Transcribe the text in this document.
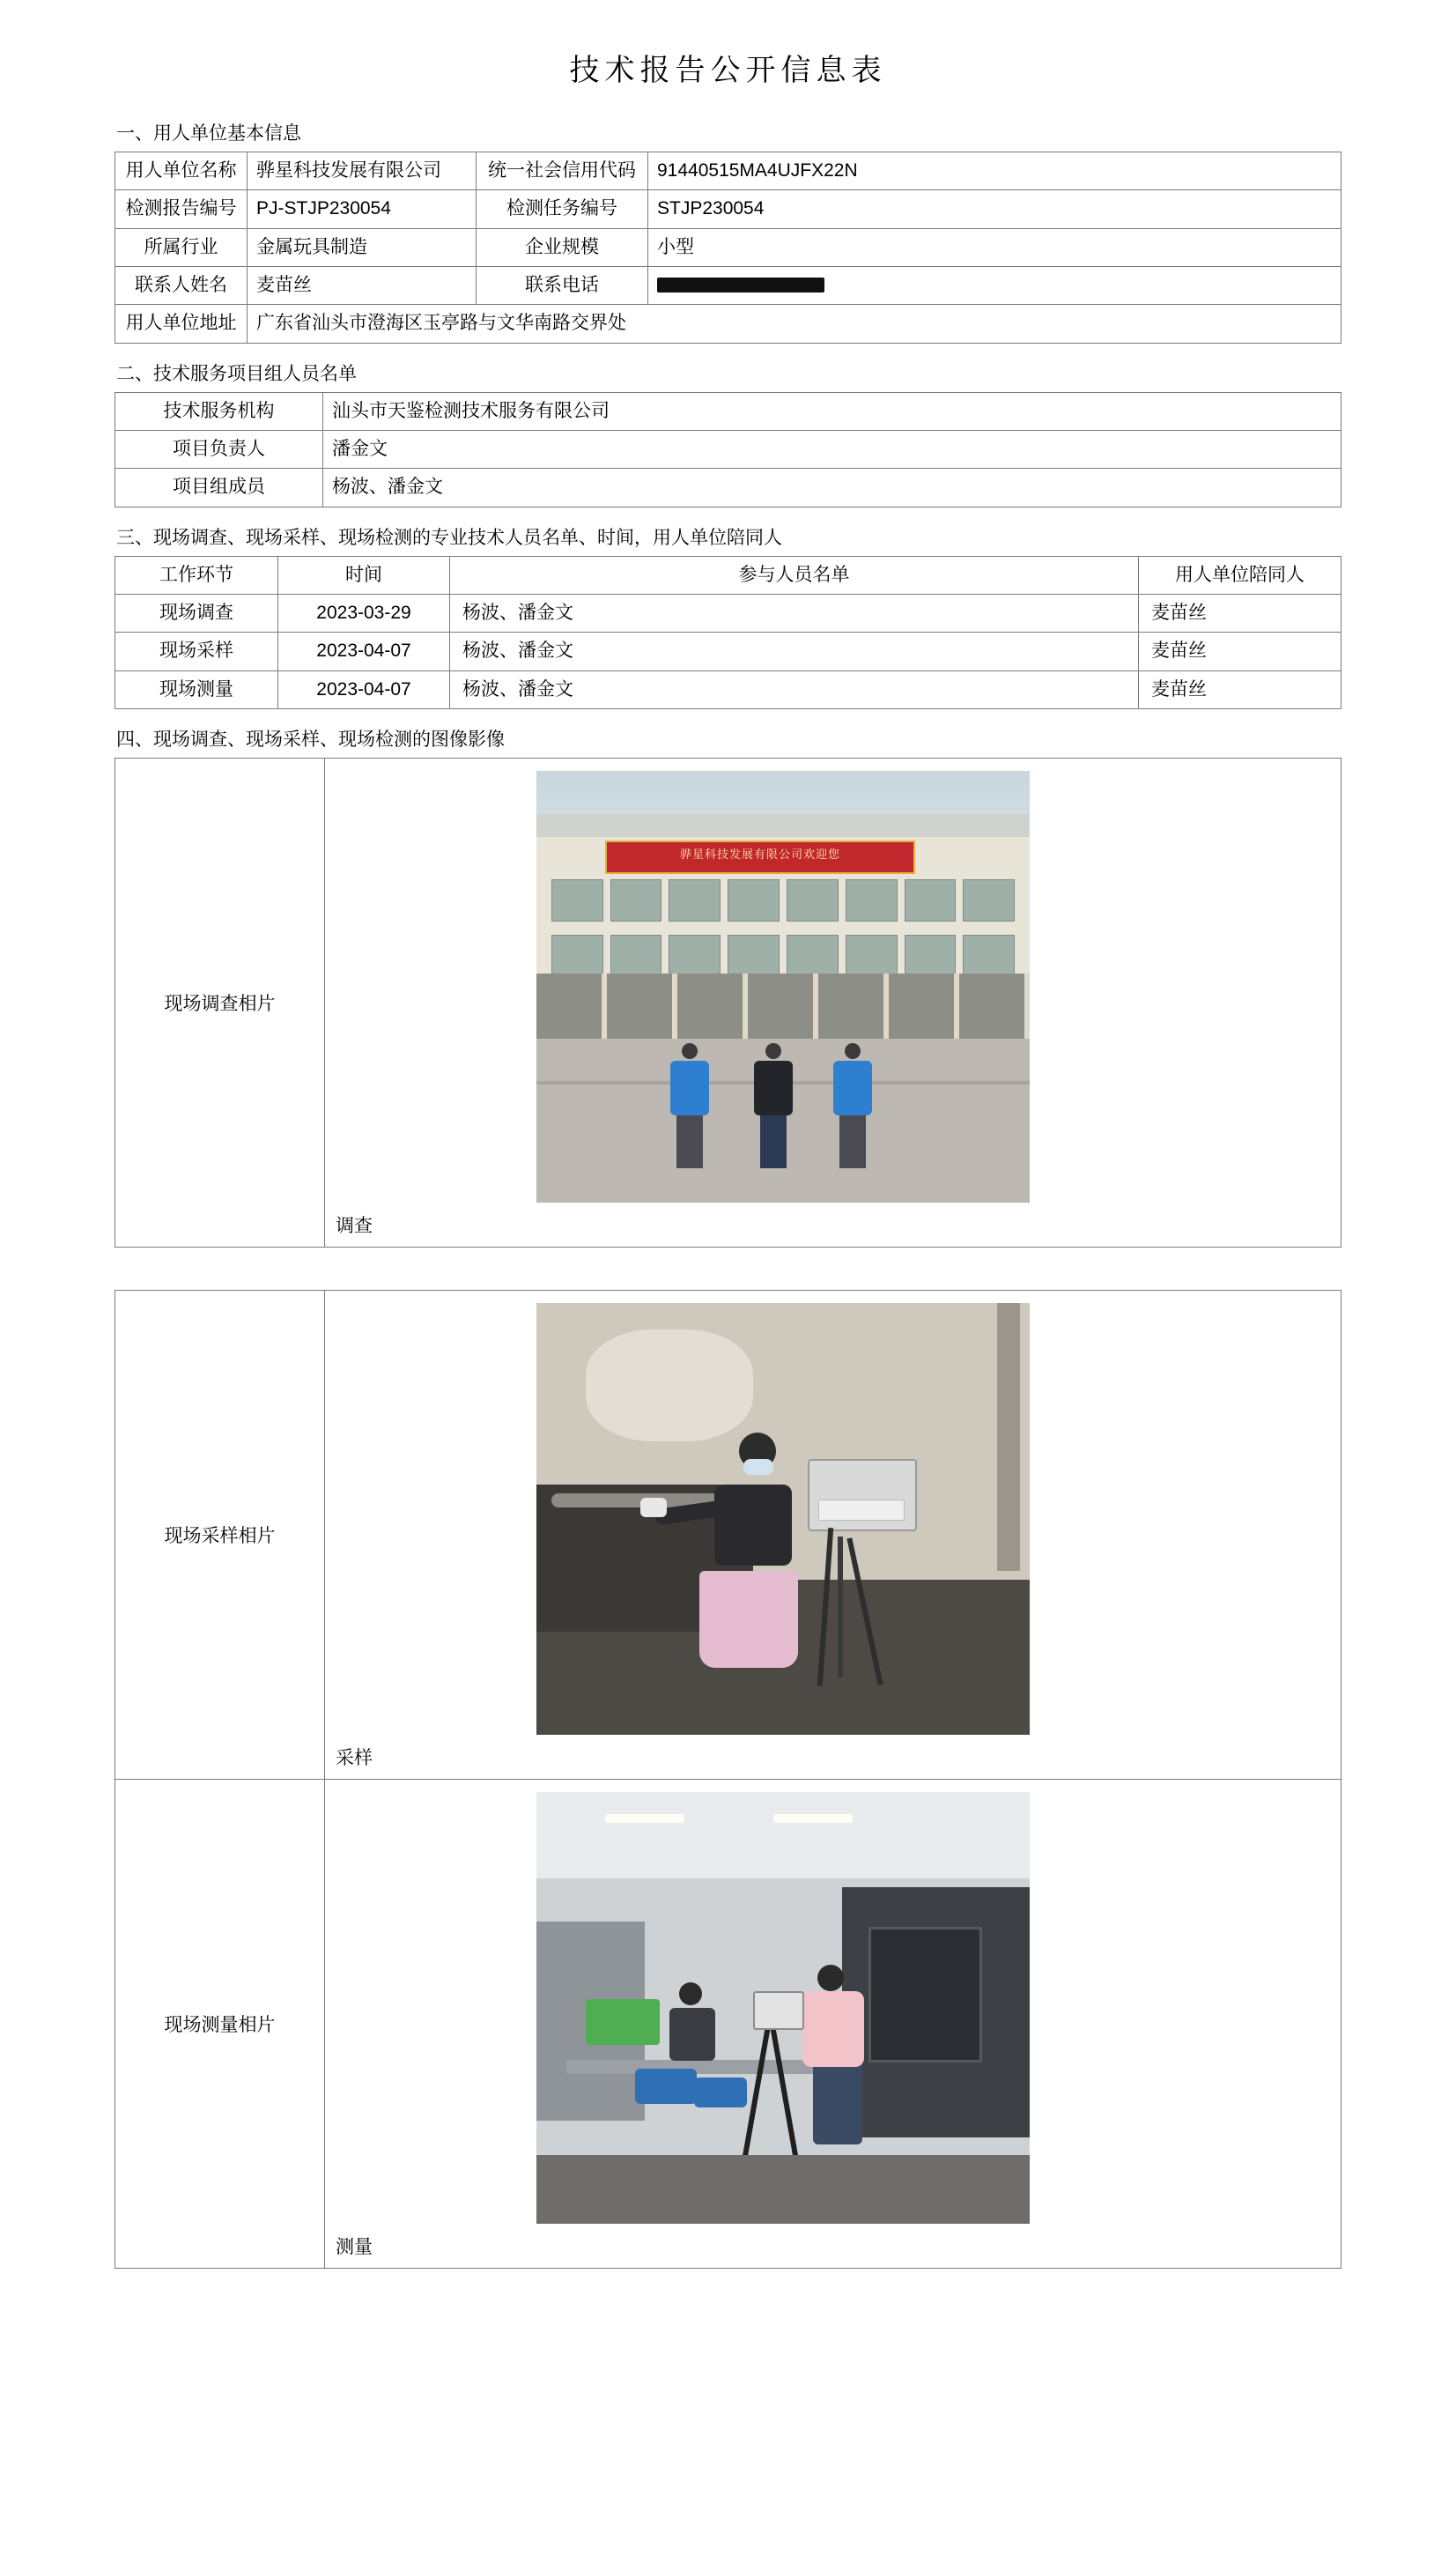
技术报告公开信息表
一、用人单位基本信息
用人单位名称	骅星科技发展有限公司	统一社会信用代码	91440515MA4UJFX22N
检测报告编号	PJ-STJP230054	检测任务编号	STJP230054
所属行业	金属玩具制造	企业规模	小型
联系人姓名	麦苗丝	联系电话	
用人单位地址	广东省汕头市澄海区玉亭路与文华南路交界处		
二、技术服务项目组人员名单
技术服务机构	汕头市天鉴检测技术服务有限公司
项目负责人	潘金文
项目组成员	杨波、潘金文
三、现场调查、现场采样、现场检测的专业技术人员名单、时间，用人单位陪同人
工作环节	时间	参与人员名单	用人单位陪同人
现场调查	2023-03-29	杨波、潘金文	麦苗丝
现场采样	2023-04-07	杨波、潘金文	麦苗丝
现场测量	2023-04-07	杨波、潘金文	麦苗丝
四、现场调查、现场采样、现场检测的图像影像
现场调查相片	骅星科技发展有限公司欢迎您
调查

现场采样相片	采样

现场测量相片	测量
